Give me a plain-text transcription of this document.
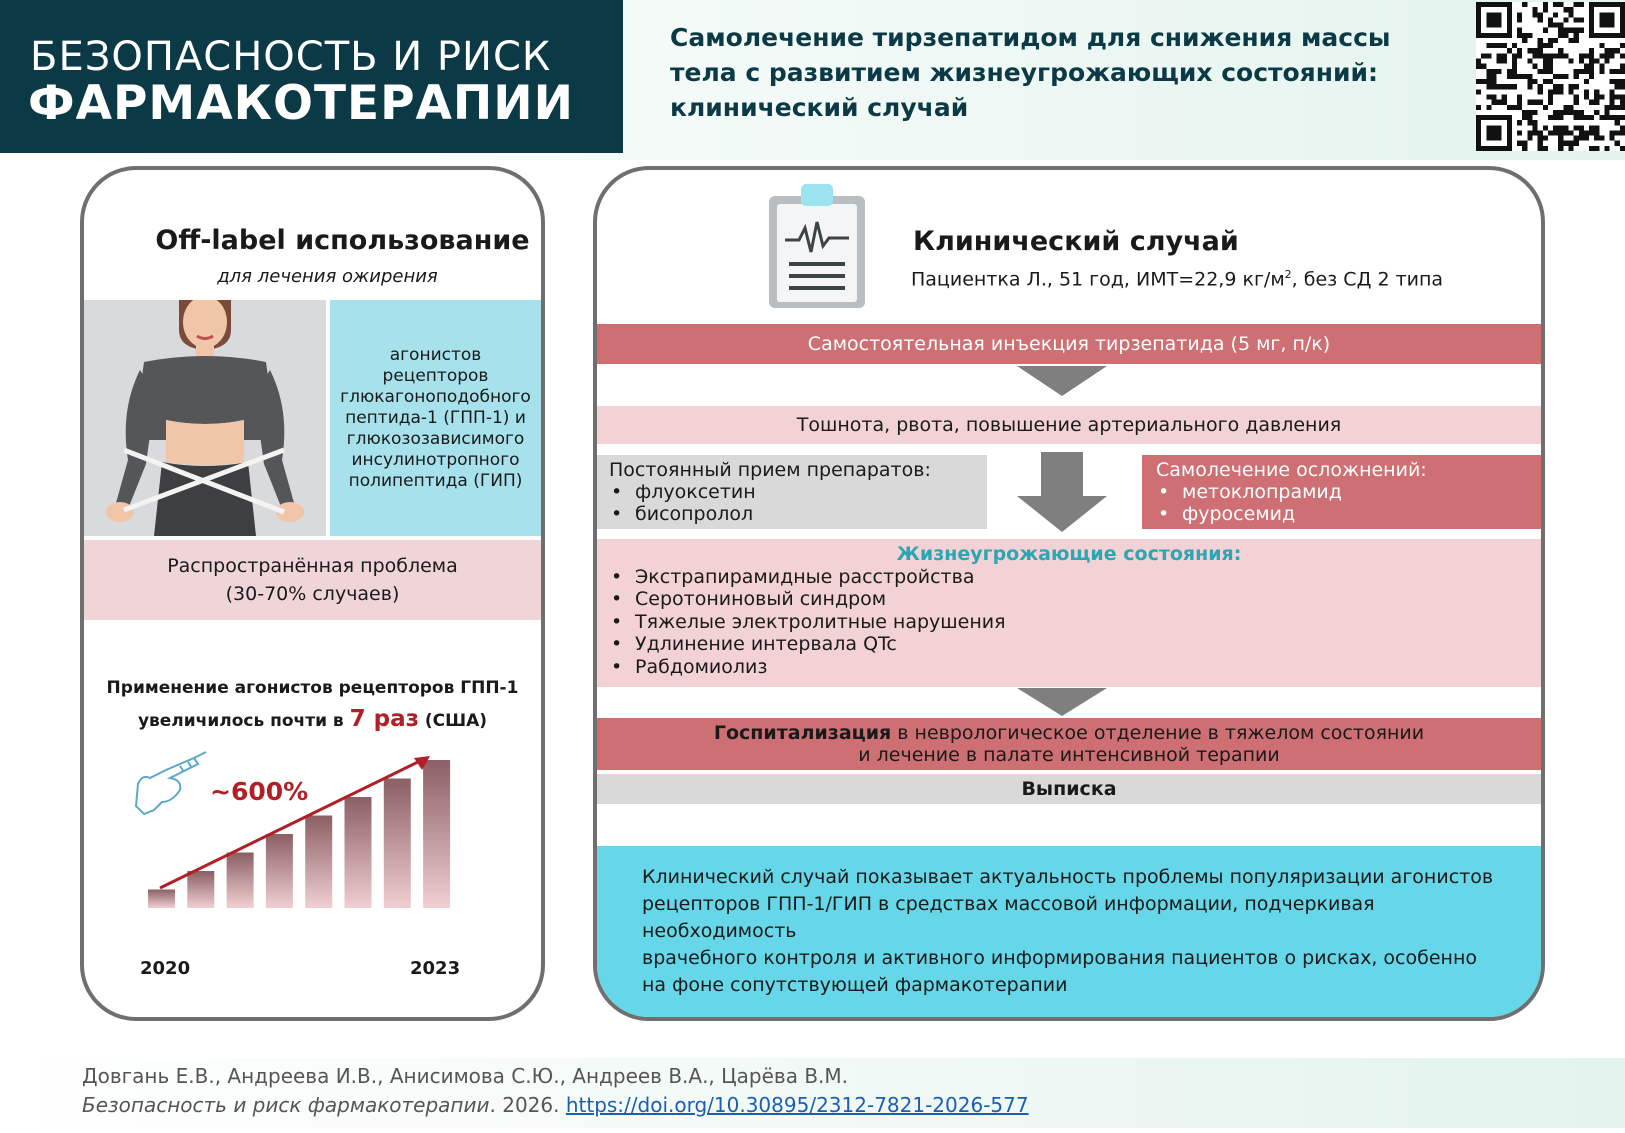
БЕЗОПАСНОСТЬ И РИСК
ФАРМАКОТЕРАПИИ
Самолечение тирзепатидом для снижения массы тела с развитием жизнеугрожающих состояний: клинический случай
Off-label использование
для лечения ожирения
агонистов рецепторов глюкагоноподобного пептида-1 (ГПП-1) и глюкозозависимого инсулинотропного полипептида (ГИП)
Распространённая проблема
(30-70% случаев)
Применение агонистов рецепторов ГПП-1
увеличилось почти в 7 раз (США)
~600%
2020	2023
Клинический случай
Пациентка Л., 51 год, ИМТ=22,9 $кг/м^2$, без СД 2 типа
Самостоятельная инъекция тирзепатида (5 мг, п/к)
Тошнота, рвота, повышение артериального давления
Постоянный прием препаратов:
• флуоксетин
• бисопролол
Самолечение осложнений:
• метоклопрамид
• фуросемид
Жизнеугрожающие состояния:
• Экстрапирамидные расстройства
• Серотониновый синдром
• Тяжелые электролитные нарушения
• Удлинение интервала QTc
• Рабдомиолиз
Госпитализация в неврологическое отделение в тяжелом состоянии
и лечение в палате интенсивной терапии
Выписка
Клинический случай показывает актуальность проблемы популяризации агонистов
рецепторов ГПП-1/ГИП в средствах массовой информации, подчеркивая необходимость
врачебного контроля и активного информирования пациентов о рисках, особенно
на фоне сопутствующей фармакотерапии
Довгань Е.В., Андреева И.В., Анисимова С.Ю., Андреев В.А., Царёва В.М.
Безопасность и риск фармакотерапии. 2026. https://doi.org/10.30895/2312-7821-2026-577
